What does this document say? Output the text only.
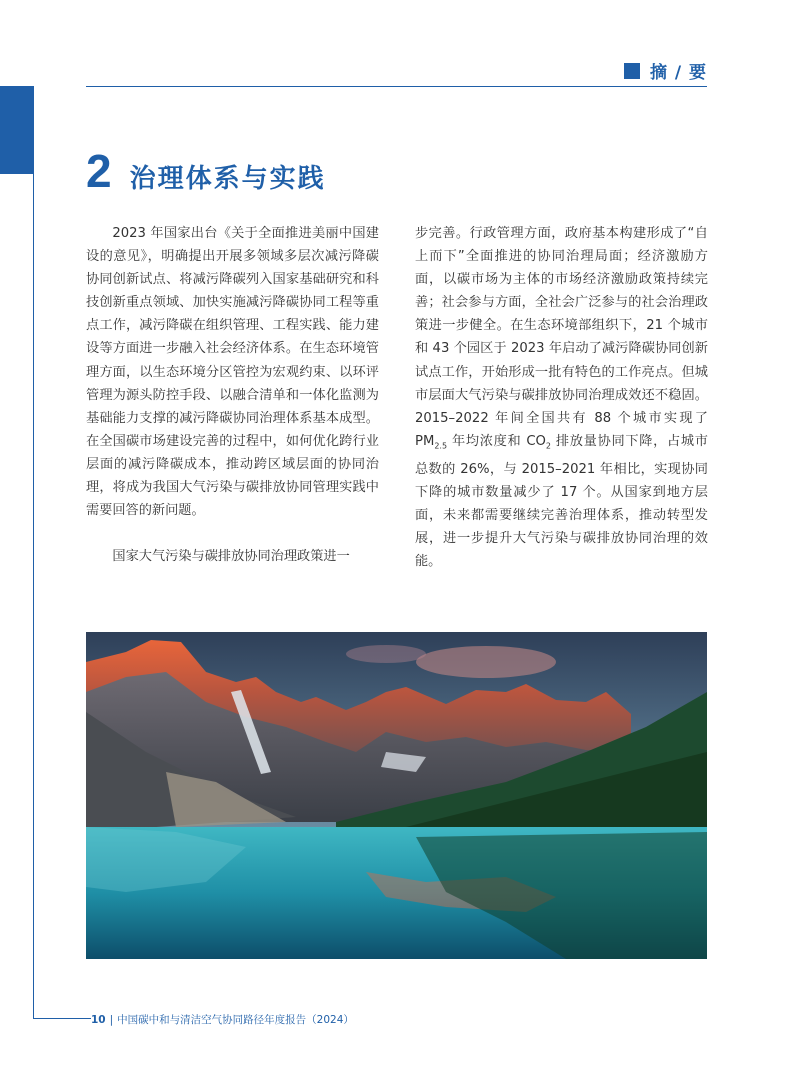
摘 / 要
2 治理体系与实践

2023 年国家出台《关于全面推进美丽中国建设的意见》，明确提出开展多领域多层次减污降碳协同创新试点、将减污降碳列入国家基础研究和科技创新重点领域、加快实施减污降碳协同工程等重点工作，减污降碳在组织管理、工程实践、能力建设等方面进一步融入社会经济体系。在生态环境管理方面，以生态环境分区管控为宏观约束、以环评管理为源头防控手段、以融合清单和一体化监测为基础能力支撑的减污降碳协同治理体系基本成型。在全国碳市场建设完善的过程中，如何优化跨行业层面的减污降碳成本，推动跨区域层面的协同治理，将成为我国大气污染与碳排放协同管理实践中需要回答的新问题。

国家大气污染与碳排放协同治理政策进一

步完善。行政管理方面，政府基本构建形成了“自上而下”全面推进的协同治理局面；经济激励方面，以碳市场为主体的市场经济激励政策持续完善；社会参与方面，全社会广泛参与的社会治理政策进一步健全。在生态环境部组织下，21 个城市和 43 个园区于 2023 年启动了减污降碳协同创新试点工作，开始形成一批有特色的工作亮点。但城市层面大气污染与碳排放协同治理成效还不稳固。2015–2022 年间全国共有 88 个城市实现了 $PM_{2.5}$ 年均浓度和 $CO_2$ 排放量协同下降，占城市总数的 26%，与 2015–2021 年相比，实现协同下降的城市数量减少了 17 个。从国家到地方层面，未来都需要继续完善治理体系，推动转型发展，进一步提升大气污染与碳排放协同治理的效能。

10 | 中国碳中和与清洁空气协同路径年度报告（2024）
